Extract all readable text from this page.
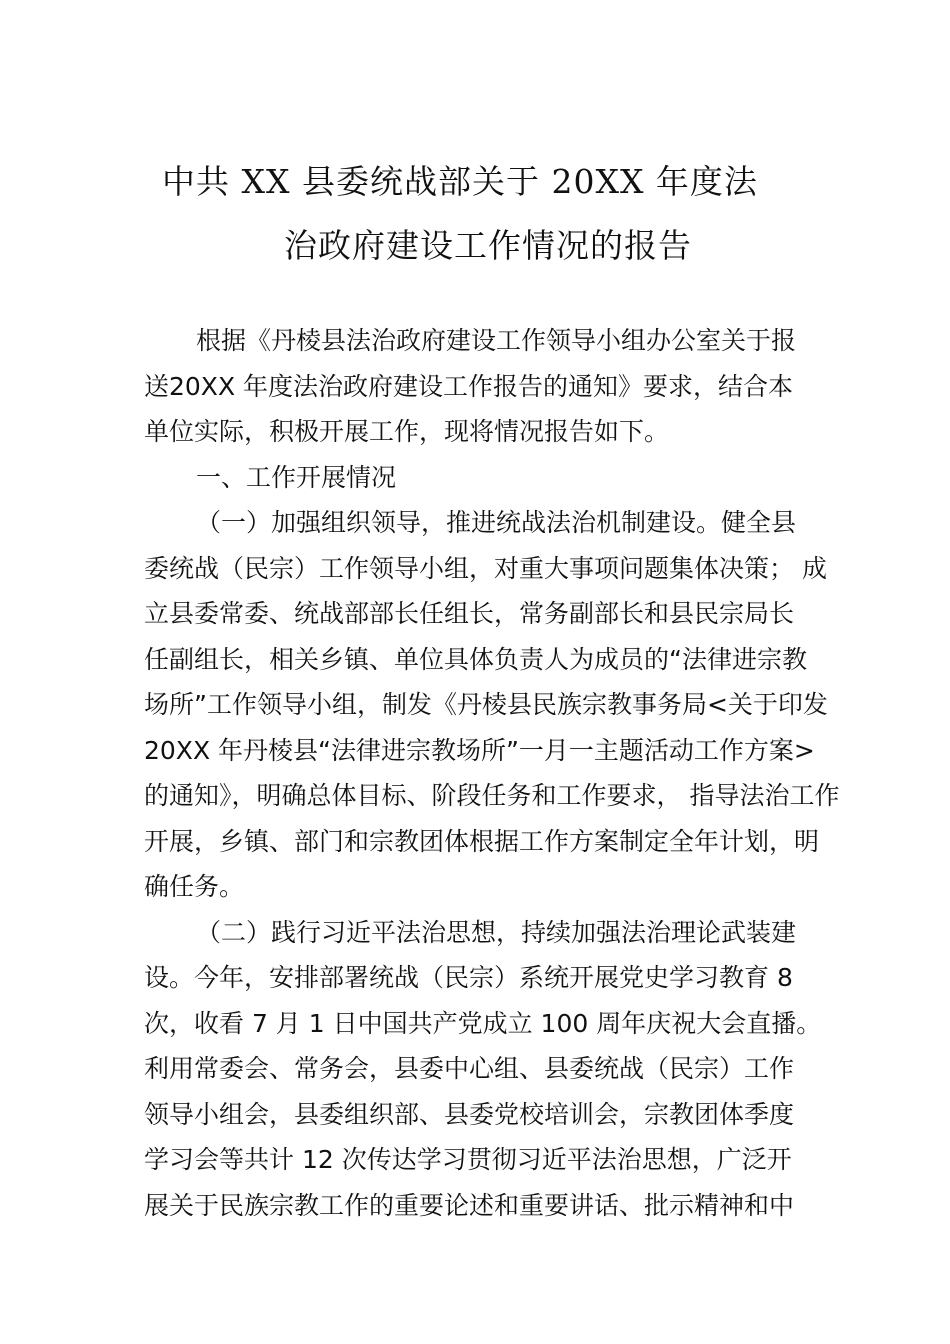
中共 XX 县委统战部关于 20XX 年度法
治政府建设工作情况的报告
根据《丹棱县法治政府建设工作领导小组办公室关于报
送20XX 年度法治政府建设工作报告的通知》要求，结合本
单位实际，积极开展工作，现将情况报告如下。
一、工作开展情况
（一）加强组织领导，推进统战法治机制建设。健全县
委统战（民宗）工作领导小组，对重大事项问题集体决策； 成
立县委常委、统战部部长任组长，常务副部长和县民宗局长
任副组长，相关乡镇、单位具体负责人为成员的“法律进宗教
场所”工作领导小组，制发《丹棱县民族宗教事务局<关于印发
20XX 年丹棱县“法律进宗教场所”一月一主题活动工作方案>
的通知》，明确总体目标、阶段任务和工作要求， 指导法治工作
开展，乡镇、部门和宗教团体根据工作方案制定全年计划，明
确任务。
（二）践行习近平法治思想，持续加强法治理论武装建
设。今年，安排部署统战（民宗）系统开展党史学习教育 8
次，收看 7 月 1 日中国共产党成立 100 周年庆祝大会直播。
利用常委会、常务会，县委中心组、县委统战（民宗）工作
领导小组会，县委组织部、县委党校培训会，宗教团体季度
学习会等共计 12 次传达学习贯彻习近平法治思想，广泛开
展关于民族宗教工作的重要论述和重要讲话、批示精神和中
